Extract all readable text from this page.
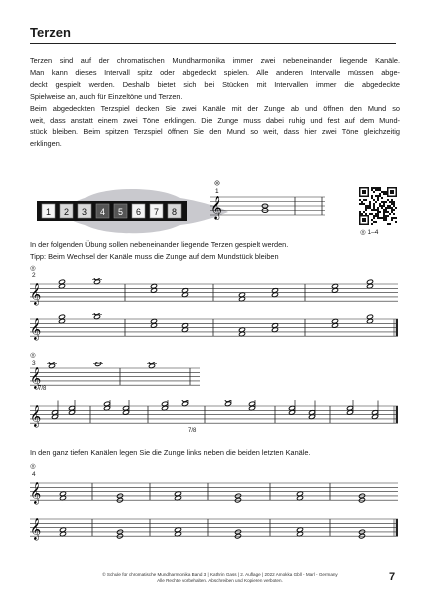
Terzen

Terzen sind auf der chromatischen Mundharmonika immer zwei nebeneinander liegende Kanäle.

Man kann dieses Intervall spitz oder abgedeckt spielen. Alle anderen Intervalle müssen abge-

deckt gespielt werden. Deshalb bietet sich bei Stücken mit Intervallen immer die abgedeckte

Spielweise an, auch für Einzeltöne und Terzen.

Beim abgedeckten Terzspiel decken Sie zwei Kanäle mit der Zunge ab und öffnen den Mund so

weit, dass anstatt einem zwei Töne erklingen. Die Zunge muss dabei ruhig und fest auf dem Mund-

stück bleiben. Beim spitzen Terzspiel öffnen Sie den Mund so weit, dass hier zwei Töne gleichzeitig

erklingen.

1 2 3 4 5 6 7 8
1
𝄞
◎ 1–4

In der folgenden Übung sollen nebeneinander liegende Terzen gespielt werden.

Tipp: Beim Wechsel der Kanäle muss die Zunge auf dem Mundstück bleiben

◎
2
𝄞
𝄞
◎
3
7/8
𝄞
𝄞
7/8

In den ganz tiefen Kanälen legen Sie die Zunge links neben die beiden letzten Kanäle.

◎
4
𝄞
𝄞
© Schule für chromatische Mundharmonika Band 3 | Kathrin Gass | 2. Auflage | 2022 Amokka Gbll - Marl - Germany
Alle Rechte vorbehalten. Abschreiben und Kopieren verboten.	7
